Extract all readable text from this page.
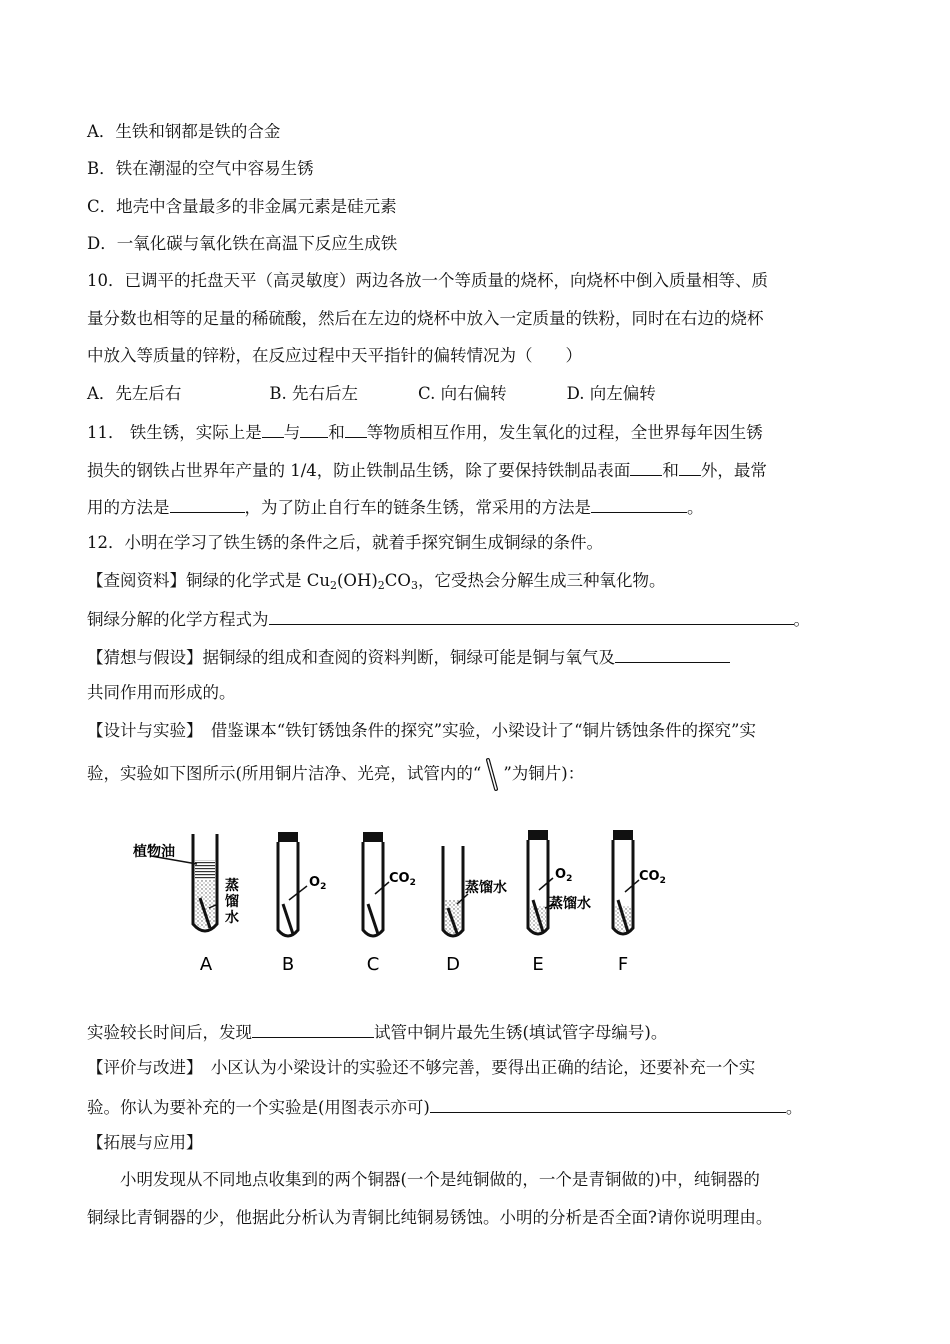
A．生铁和钢都是铁的合金
B．铁在潮湿的空气中容易生锈
C．地壳中含量最多的非金属元素是硅元素
D．一氧化碳与氧化铁在高温下反应生成铁
10．已调平的托盘天平（高灵敏度）两边各放一个等质量的烧杯，向烧杯中倒入质量相等、质
量分数也相等的足量的稀硫酸，然后在左边的烧杯中放入一定质量的铁粉，同时在右边的烧杯
中放入等质量的锌粉，在反应过程中天平指针的偏转情况为（　　）
A．先左后右	B. 先右后左	C. 向右偏转	D. 向左偏转
11． 铁生锈，实际上是 与 和 等物质相互作用，发生氧化的过程，全世界每年因生锈
损失的钢铁占世界年产量的 1/4，防止铁制品生锈，除了要保持铁制品表面 和 外，最常
用的方法是	，为了防止自行车的链条生锈，常采用的方法是	。
12．小明在学习了铁生锈的条件之后，就着手探究铜生成铜绿的条件。
【查阅资料】铜绿的化学式是 $Cu_2(OH)_2CO_3$，它受热会分解生成三种氧化物。
铜绿分解的化学方程式为	。
【猜想与假设】据铜绿的组成和查阅的资料判断，铜绿可能是铜与氧气及
共同作用而形成的。
【设计与实验】　借鉴课本“铁钉锈蚀条件的探究”实验，小梁设计了“铜片锈蚀条件的探究”实
验，实验如下图所示(所用铜片洁净、光亮，试管内的“ ”为铜片)：
植物油
蒸
馏
水
$O_2$
$CO_2$	蒸馏水
$O_2$
蒸馏水
$CO_2$
A	B	C	D	E	F
实验较长时间后，发现	试管中铜片最先生锈(填试管字母编号)。
【评价与改进】　小区认为小梁设计的实验还不够完善，要得出正确的结论，还要补充一个实
验。你认为要补充的一个实验是(用图表示亦可)	。
【拓展与应用】
　　小明发现从不同地点收集到的两个铜器(一个是纯铜做的，一个是青铜做的)中，纯铜器的
铜绿比青铜器的少，他据此分析认为青铜比纯铜易锈蚀。小明的分析是否全面?请你说明理由。
